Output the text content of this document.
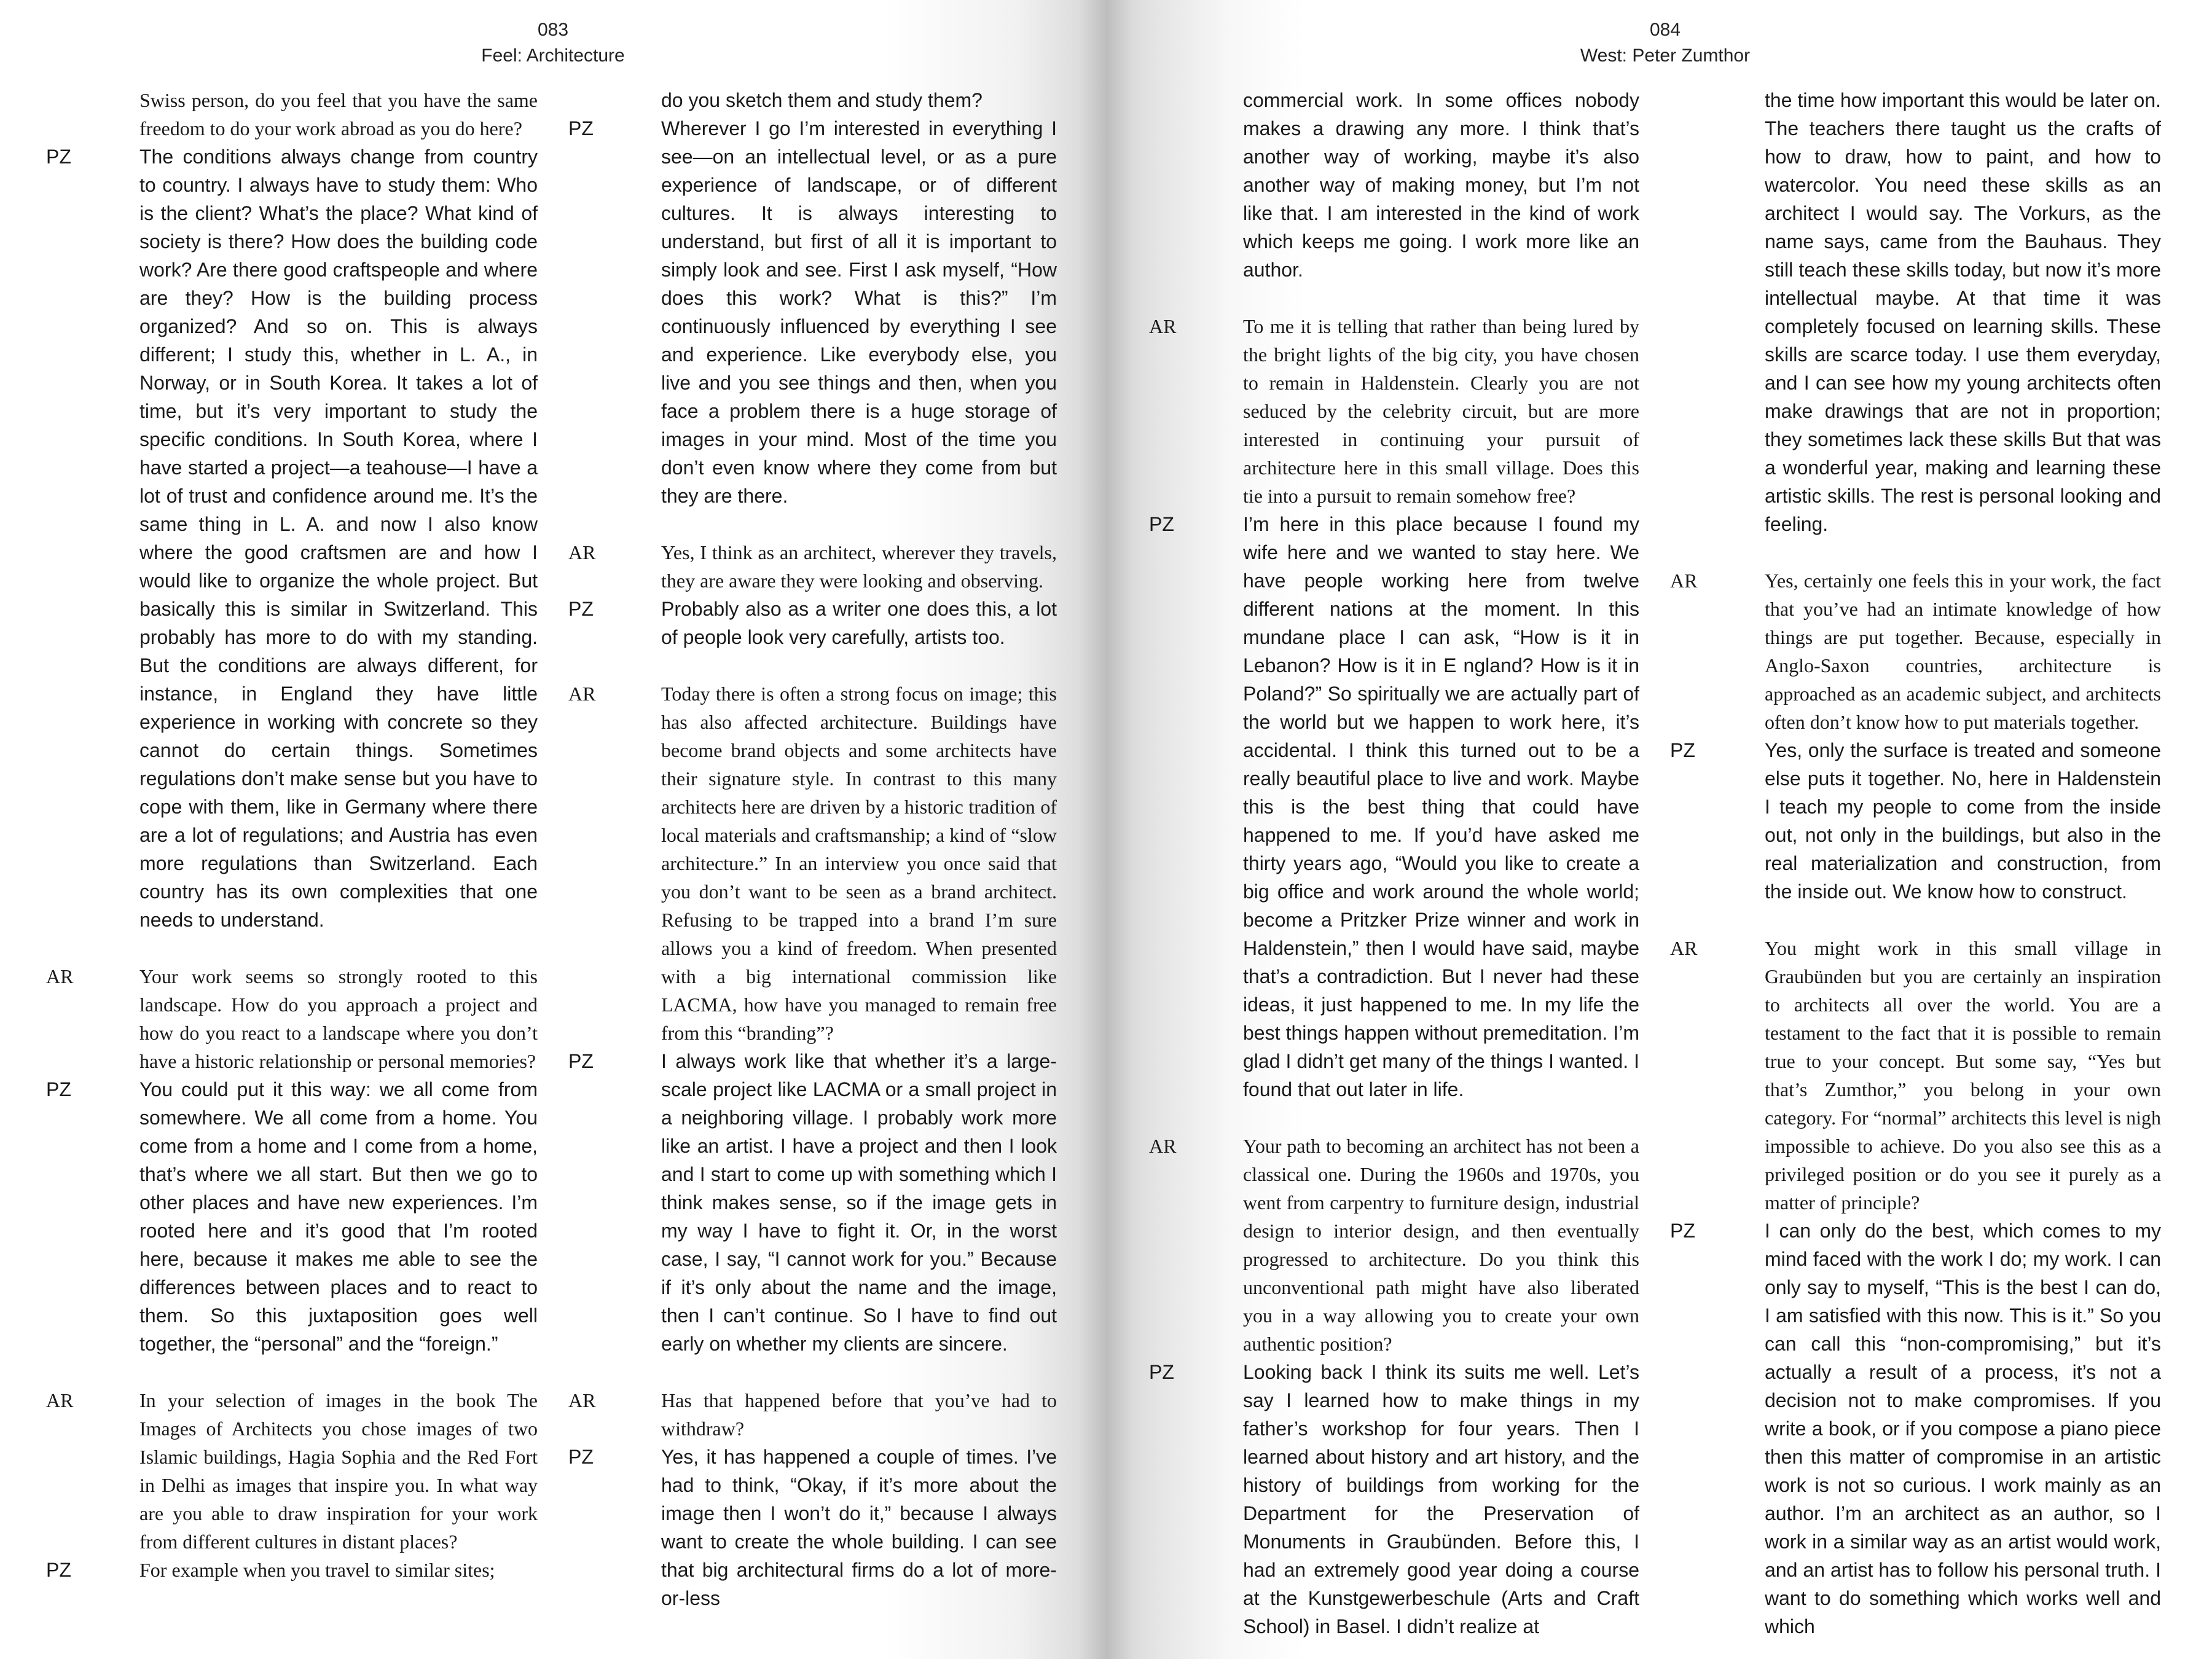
083
Feel: Architecture
Swiss person, do you feel that you have the same freedom to do your work abroad as you do here?
PZ	The conditions always change from country to country. I always have to study them: Who is the client? What’s the place? What kind of society is there? How does the building code work? Are there good craftspeople and where are they? How is the building process organized? And so on. This is always different; I study this, whether in L. A., in Norway, or in South Korea. It takes a lot of time, but it’s very important to study the specific conditions. In South Korea, where I have started a project—a teahouse—I have a lot of trust and confidence around me. It’s the same thing in L. A. and now I also know where the good craftsmen are and how I would like to organize the whole project. But basically this is similar in Switzerland. This probably has more to do with my standing. But the conditions are always different, for instance, in England they have little experience in working with concrete so they cannot do certain things. Sometimes regulations don’t make sense but you have to cope with them, like in Germany where there are a lot of regulations; and Austria has even more regulations than Switzerland. Each country has its own complexities that one needs to understand.
AR	Your work seems so strongly rooted to this landscape. How do you approach a project and how do you react to a landscape where you don’t have a historic relationship or personal memories?
PZ	You could put it this way: we all come from somewhere. We all come from a home. You come from a home and I come from a home, that’s where we all start. But then we go to other places and have new experiences. I’m rooted here and it’s good that I’m rooted here, because it makes me able to see the differences between places and to react to them. So this juxtaposition goes well together, the “personal” and the “foreign.”
AR	In your selection of images in the book The Images of Architects you chose images of two Islamic buildings, Hagia Sophia and the Red Fort in Delhi as images that inspire you. In what way are you able to draw inspiration for your work from different cultures in distant places?
PZ	For example when you travel to similar sites;
do you sketch them and study them?
PZ	Wherever I go I’m interested in everything I see—on an intellectual level, or as a pure experience of landscape, or of different cultures. It is always interesting to understand, but first of all it is important to simply look and see. First I ask myself, “How does this work? What is this?” I’m continuously influenced by everything I see and experience. Like everybody else, you live and you see things and then, when you face a problem there is a huge storage of images in your mind. Most of the time you don’t even know where they come from but they are there.
AR	Yes, I think as an architect, wherever they travels, they are aware they were looking and observing.
PZ	Probably also as a writer one does this, a lot of people look very carefully, artists too.
AR	Today there is often a strong focus on image; this has also affected architecture. Buildings have become brand objects and some architects have their signature style. In contrast to this many architects here are driven by a historic tradition of local materials and craftsmanship; a kind of “slow architecture.” In an interview you once said that you don’t want to be seen as a brand architect. Refusing to be trapped into a brand I’m sure allows you a kind of freedom. When presented with a big international commission like LACMA, how have you managed to remain free from this “branding”?
PZ	I always work like that whether it’s a large-scale project like LACMA or a small project in a neighboring village. I probably work more like an artist. I have a project and then I look and I start to come up with something which I think makes sense, so if the image gets in my way I have to fight it. Or, in the worst case, I say, “I cannot work for you.” Because if it’s only about the name and the image, then I can’t continue. So I have to find out early on whether my clients are sincere.
AR	Has that happened before that you’ve had to withdraw?
PZ	Yes, it has happened a couple of times. I’ve had to think, “Okay, if it’s more about the image then I won’t do it,” because I always want to create the whole building. I can see that big architectural firms do a lot of more-or-less
084
West: Peter Zumthor
commercial work. In some offices nobody makes a drawing any more. I think that’s another way of working, maybe it’s also another way of making money, but I’m not like that. I am interested in the kind of work which keeps me going. I work more like an author.
AR	To me it is telling that rather than being lured by the bright lights of the big city, you have chosen to remain in Haldenstein. Clearly you are not seduced by the celebrity circuit, but are more interested in continuing your pursuit of architecture here in this small village. Does this tie into a pursuit to remain somehow free?
PZ	I’m here in this place because I found my wife here and we wanted to stay here. We have people working here from twelve different nations at the moment. In this mundane place I can ask, “How is it in Lebanon? How is it in E ngland? How is it in Poland?” So spiritually we are actually part of the world but we happen to work here, it’s accidental. I think this turned out to be a really beautiful place to live and work. Maybe this is the best thing that could have happened to me. If you’d have asked me thirty years ago, “Would you like to create a big office and work around the whole world; become a Pritzker Prize winner and work in Haldenstein,” then I would have said, maybe that’s a contradiction. But I never had these ideas, it just happened to me. In my life the best things happen without premeditation. I’m glad I didn’t get many of the things I wanted. I found that out later in life.
AR	Your path to becoming an architect has not been a classical one. During the 1960s and 1970s, you went from carpentry to furniture design, industrial design to interior design, and then eventually progressed to architecture. Do you think this unconventional path might have also liberated you in a way allowing you to create your own authentic position?
PZ	Looking back I think its suits me well. Let’s say I learned how to make things in my father’s workshop for four years. Then I learned about history and art history, and the history of buildings from working for the Department for the Preservation of Monuments in Graubünden. Before this, I had an extremely good year doing a course at the Kunstgewerbeschule (Arts and Craft School) in Basel. I didn’t realize at
the time how important this would be later on. The teachers there taught us the crafts of how to draw, how to paint, and how to watercolor. You need these skills as an architect I would say. The Vorkurs, as the name says, came from the Bauhaus. They still teach these skills today, but now it’s more intellectual maybe. At that time it was completely focused on learning skills. These skills are scarce today. I use them everyday, and I can see how my young architects often make drawings that are not in proportion; they sometimes lack these skills But that was a wonderful year, making and learning these artistic skills. The rest is personal looking and feeling.
AR	Yes, certainly one feels this in your work, the fact that you’ve had an intimate knowledge of how things are put together. Because, especially in Anglo-Saxon countries, architecture is approached as an academic subject, and architects often don’t know how to put materials together.
PZ	Yes, only the surface is treated and someone else puts it together. No, here in Haldenstein I teach my people to come from the inside out, not only in the buildings, but also in the real materialization and construction, from the inside out. We know how to construct.
AR	You might work in this small village in Graubünden but you are certainly an inspiration to architects all over the world. You are a testament to the fact that it is possible to remain true to your concept. But some say, “Yes but that’s Zumthor,” you belong in your own category. For “normal” architects this level is nigh impossible to achieve. Do you also see this as a privileged position or do you see it purely as a matter of principle?
PZ	I can only do the best, which comes to my mind faced with the work I do; my work. I can only say to myself, “This is the best I can do, I am satisfied with this now. This is it.” So you can call this “non-compromising,” but it’s actually a result of a process, it’s not a decision not to make compromises. If you write a book, or if you compose a piano piece then this matter of compromise in an artistic work is not so curious. I work mainly as an author. I’m an architect as an author, so I work in a similar way as an artist would work, and an artist has to follow his personal truth. I want to do something which works well and which
